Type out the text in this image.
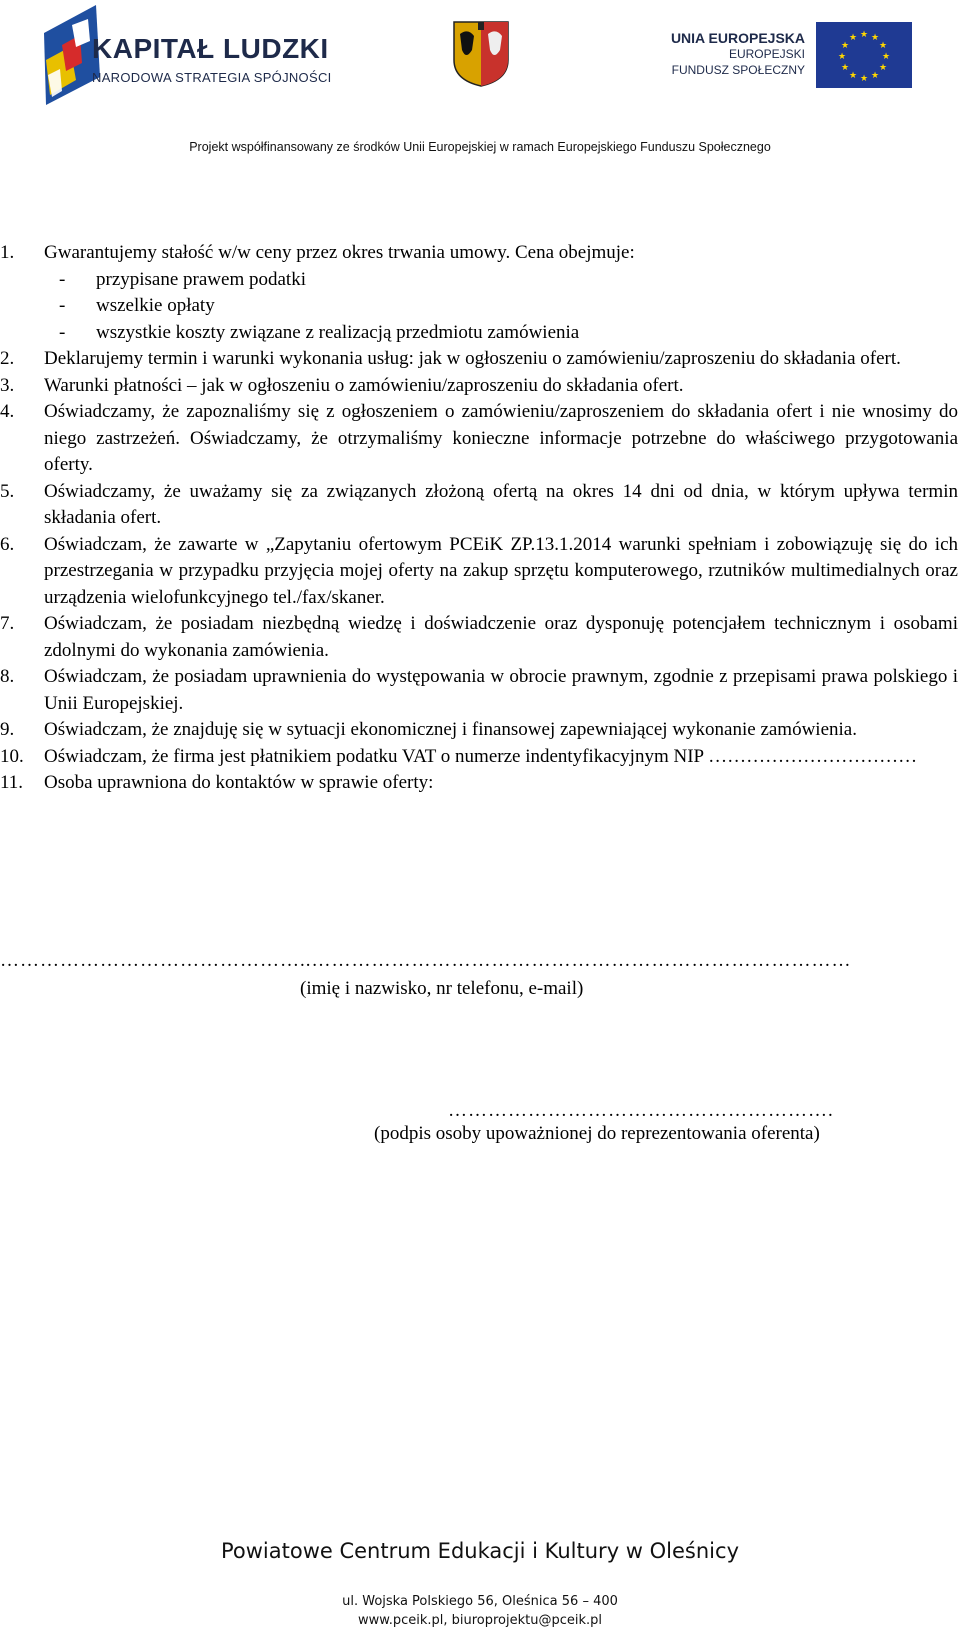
KAPITAŁ LUDZKI
NARODOWA STRATEGIA SPÓJNOŚCI
UNIA EUROPEJSKA
EUROPEJSKI
FUNDUSZ SPOŁECZNY
★ ★
★
★
★
★
★
★
★
★
★
★
Projekt współfinansowany ze środków Unii Europejskiej w ramach Europejskiego Funduszu Społecznego
1. Gwarantujemy stałość w/w ceny przez okres trwania umowy. Cena obejmuje:
- przypisane prawem podatki
- wszelkie opłaty
- wszystkie koszty związane z realizacją przedmiotu zamówienia
2. Deklarujemy termin i warunki wykonania usług: jak w ogłoszeniu o zamówieniu/zaproszeniu do składania ofert.
3. Warunki płatności – jak w ogłoszeniu o zamówieniu/zaproszeniu do składania ofert.
4. Oświadczamy, że zapoznaliśmy się z ogłoszeniem o zamówieniu/zaproszeniem do składania ofert i nie wnosimy do niego zastrzeżeń. Oświadczamy, że otrzymaliśmy konieczne informacje potrzebne do właściwego przygotowania oferty.
5. Oświadczamy, że uważamy się za związanych złożoną ofertą na okres 14 dni od dnia, w którym upływa termin składania ofert.
6. Oświadczam, że zawarte w „Zapytaniu ofertowym PCEiK ZP.13.1.2014 warunki spełniam i zobowiązuję się do ich przestrzegania w przypadku przyjęcia mojej oferty na zakup sprzętu komputerowego, rzutników multimedialnych oraz urządzenia wielofunkcyjnego tel./fax/skaner.
7. Oświadczam, że posiadam niezbędną wiedzę i doświadczenie oraz dysponuję potencjałem technicznym i osobami zdolnymi do wykonania zamówienia.
8. Oświadczam, że posiadam uprawnienia do występowania w obrocie prawnym, zgodnie z przepisami prawa polskiego i Unii Europejskiej.
9. Oświadczam, że znajduję się w sytuacji ekonomicznej i finansowej zapewniającej wykonanie zamówienia.
10. Oświadczam, że firma jest płatnikiem podatku VAT o numerze indentyfikacyjnym NIP ……………………………
11. Osoba uprawniona do kontaktów w sprawie oferty:
………………………………………..………………………………………………………………………
(imię i nazwisko, nr telefonu, e-mail)
………………………………………………….
(podpis osoby upoważnionej do reprezentowania oferenta)
Powiatowe Centrum Edukacji i Kultury w Oleśnicy
ul. Wojska Polskiego 56, Oleśnica 56 – 400
www.pceik.pl, biuroprojektu@pceik.pl
